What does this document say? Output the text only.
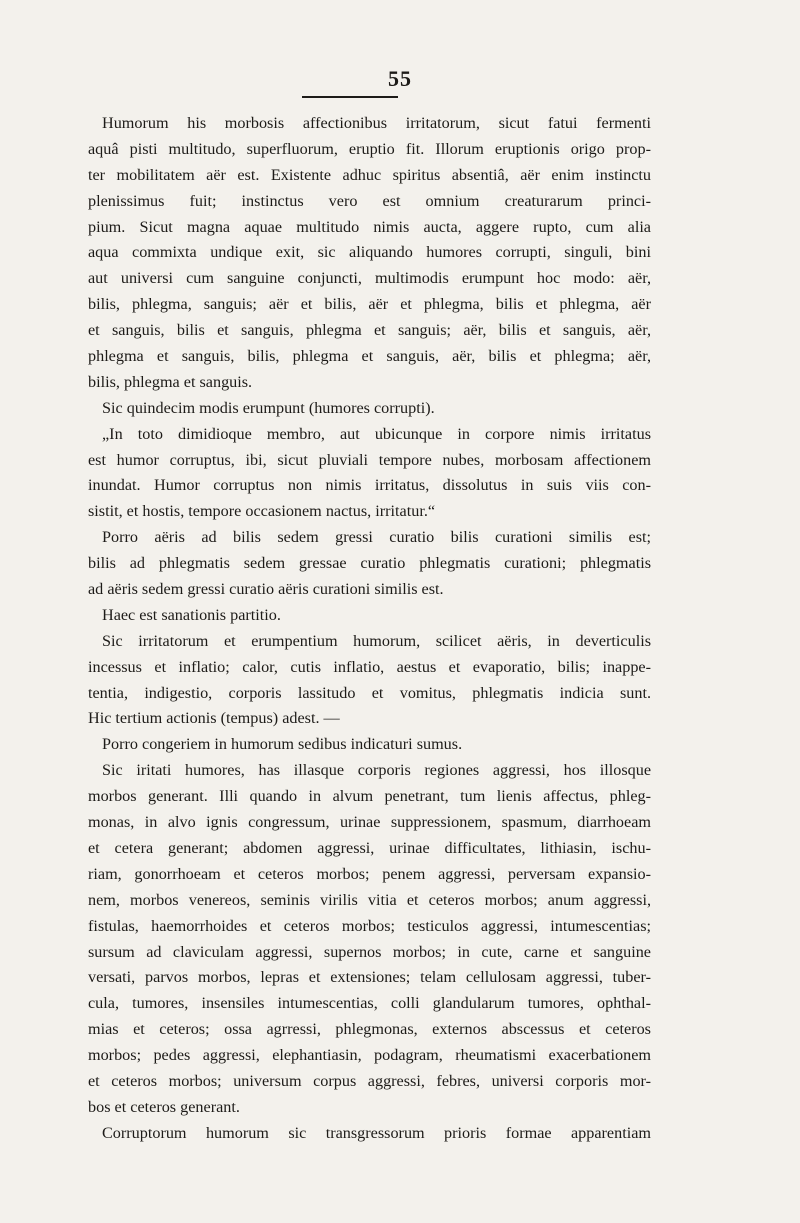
55
Humorum his morbosis affectionibus irritatorum, sicut fatui fermenti
aquâ pisti multitudo, superfluorum, eruptio fit. Illorum eruptionis origo prop-
ter mobilitatem aër est. Existente adhuc spiritus absentiâ, aër enim instinctu
plenissimus fuit; instinctus vero est omnium creaturarum princi-
pium. Sicut magna aquae multitudo nimis aucta, aggere rupto, cum alia
aqua commixta undique exit, sic aliquando humores corrupti, singuli, bini
aut universi cum sanguine conjuncti, multimodis erumpunt hoc modo: aër,
bilis, phlegma, sanguis; aër et bilis, aër et phlegma, bilis et phlegma, aër
et sanguis, bilis et sanguis, phlegma et sanguis; aër, bilis et sanguis, aër,
phlegma et sanguis, bilis, phlegma et sanguis, aër, bilis et phlegma; aër,
bilis, phlegma et sanguis.
Sic quindecim modis erumpunt (humores corrupti).
„In toto dimidioque membro, aut ubicunque in corpore nimis irritatus
est humor corruptus, ibi, sicut pluviali tempore nubes, morbosam affectionem
inundat. Humor corruptus non nimis irritatus, dissolutus in suis viis con-
sistit, et hostis, tempore occasionem nactus, irritatur.“
Porro aëris ad bilis sedem gressi curatio bilis curationi similis est;
bilis ad phlegmatis sedem gressae curatio phlegmatis curationi; phlegmatis
ad aëris sedem gressi curatio aëris curationi similis est.
Haec est sanationis partitio.
Sic irritatorum et erumpentium humorum, scilicet aëris, in deverticulis
incessus et inflatio; calor, cutis inflatio, aestus et evaporatio, bilis; inappe-
tentia, indigestio, corporis lassitudo et vomitus, phlegmatis indicia sunt.
Hic tertium actionis (tempus) adest. —
Porro congeriem in humorum sedibus indicaturi sumus.
Sic iritati humores, has illasque corporis regiones aggressi, hos illosque
morbos generant. Illi quando in alvum penetrant, tum lienis affectus, phleg-
monas, in alvo ignis congressum, urinae suppressionem, spasmum, diarrhoeam
et cetera generant; abdomen aggressi, urinae difficultates, lithiasin, ischu-
riam, gonorrhoeam et ceteros morbos; penem aggressi, perversam expansio-
nem, morbos venereos, seminis virilis vitia et ceteros morbos; anum aggressi,
fistulas, haemorrhoides et ceteros morbos; testiculos aggressi, intumescentias;
sursum ad claviculam aggressi, supernos morbos; in cute, carne et sanguine
versati, parvos morbos, lepras et extensiones; telam cellulosam aggressi, tuber-
cula, tumores, insensiles intumescentias, colli glandularum tumores, ophthal-
mias et ceteros; ossa agrressi, phlegmonas, externos abscessus et ceteros
morbos; pedes aggressi, elephantiasin, podagram, rheumatismi exacerbationem
et ceteros morbos; universum corpus aggressi, febres, universi corporis mor-
bos et ceteros generant.
Corruptorum humorum sic transgressorum prioris formae apparentiam
